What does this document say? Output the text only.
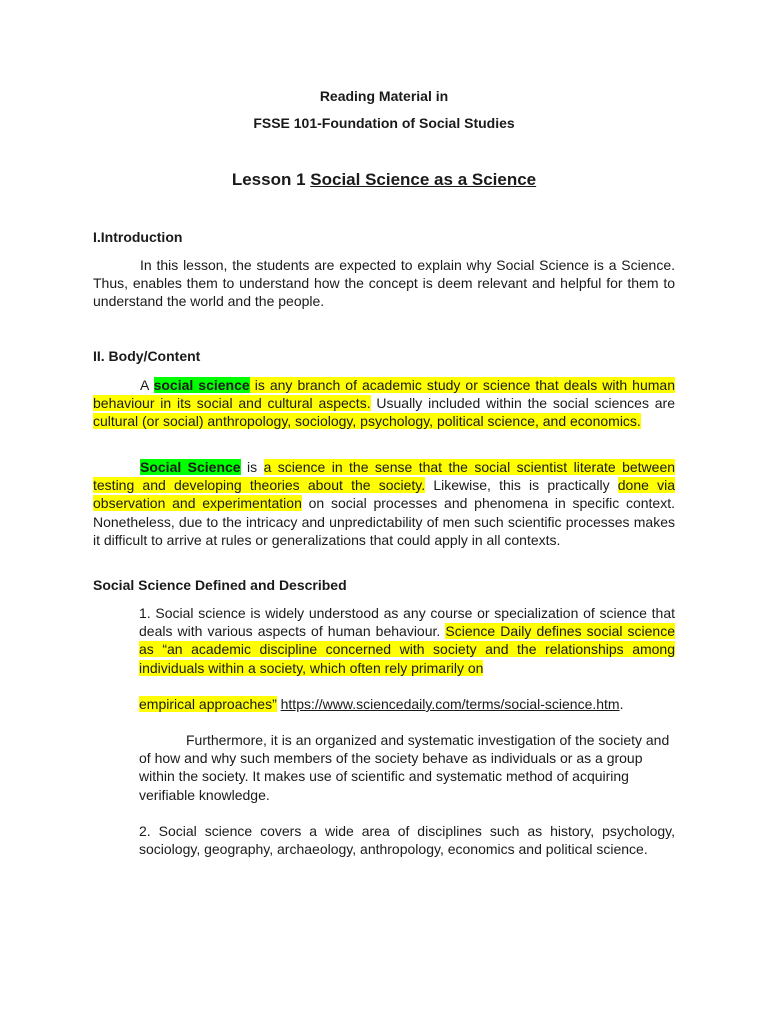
Reading Material in
FSSE 101-Foundation of Social Studies
Lesson 1 Social Science as a Science
I.Introduction

In this lesson, the students are expected to explain why Social Science is a Science. Thus, enables them to understand how the concept is deem relevant and helpful for them to understand the world and the people.

II. Body/Content

A social science is any branch of academic study or science that deals with human behaviour in its social and cultural aspects. Usually included within the social sciences are cultural (or social) anthropology, sociology, psychology, political science, and economics.

Social Science is a science in the sense that the social scientist literate between testing and developing theories about the society. Likewise, this is practically done via observation and experimentation on social processes and phenomena in specific context. Nonetheless, due to the intricacy and unpredictability of men such scientific processes makes it difficult to arrive at rules or generalizations that could apply in all contexts.

Social Science Defined and Described

1. Social science is widely understood as any course or specialization of science that deals with various aspects of human behaviour. Science Daily defines social science as “an academic discipline concerned with society and the relationships among individuals within a society, which often rely primarily on

empirical approaches” https://www.sciencedaily.com/terms/social-science.htm.

Furthermore, it is an organized and systematic investigation of the society and of how and why such members of the society behave as individuals or as a group within the society. It makes use of scientific and systematic method of acquiring verifiable knowledge.

2. Social science covers a wide area of disciplines such as history, psychology, sociology, geography, archaeology, anthropology, economics and political science.
